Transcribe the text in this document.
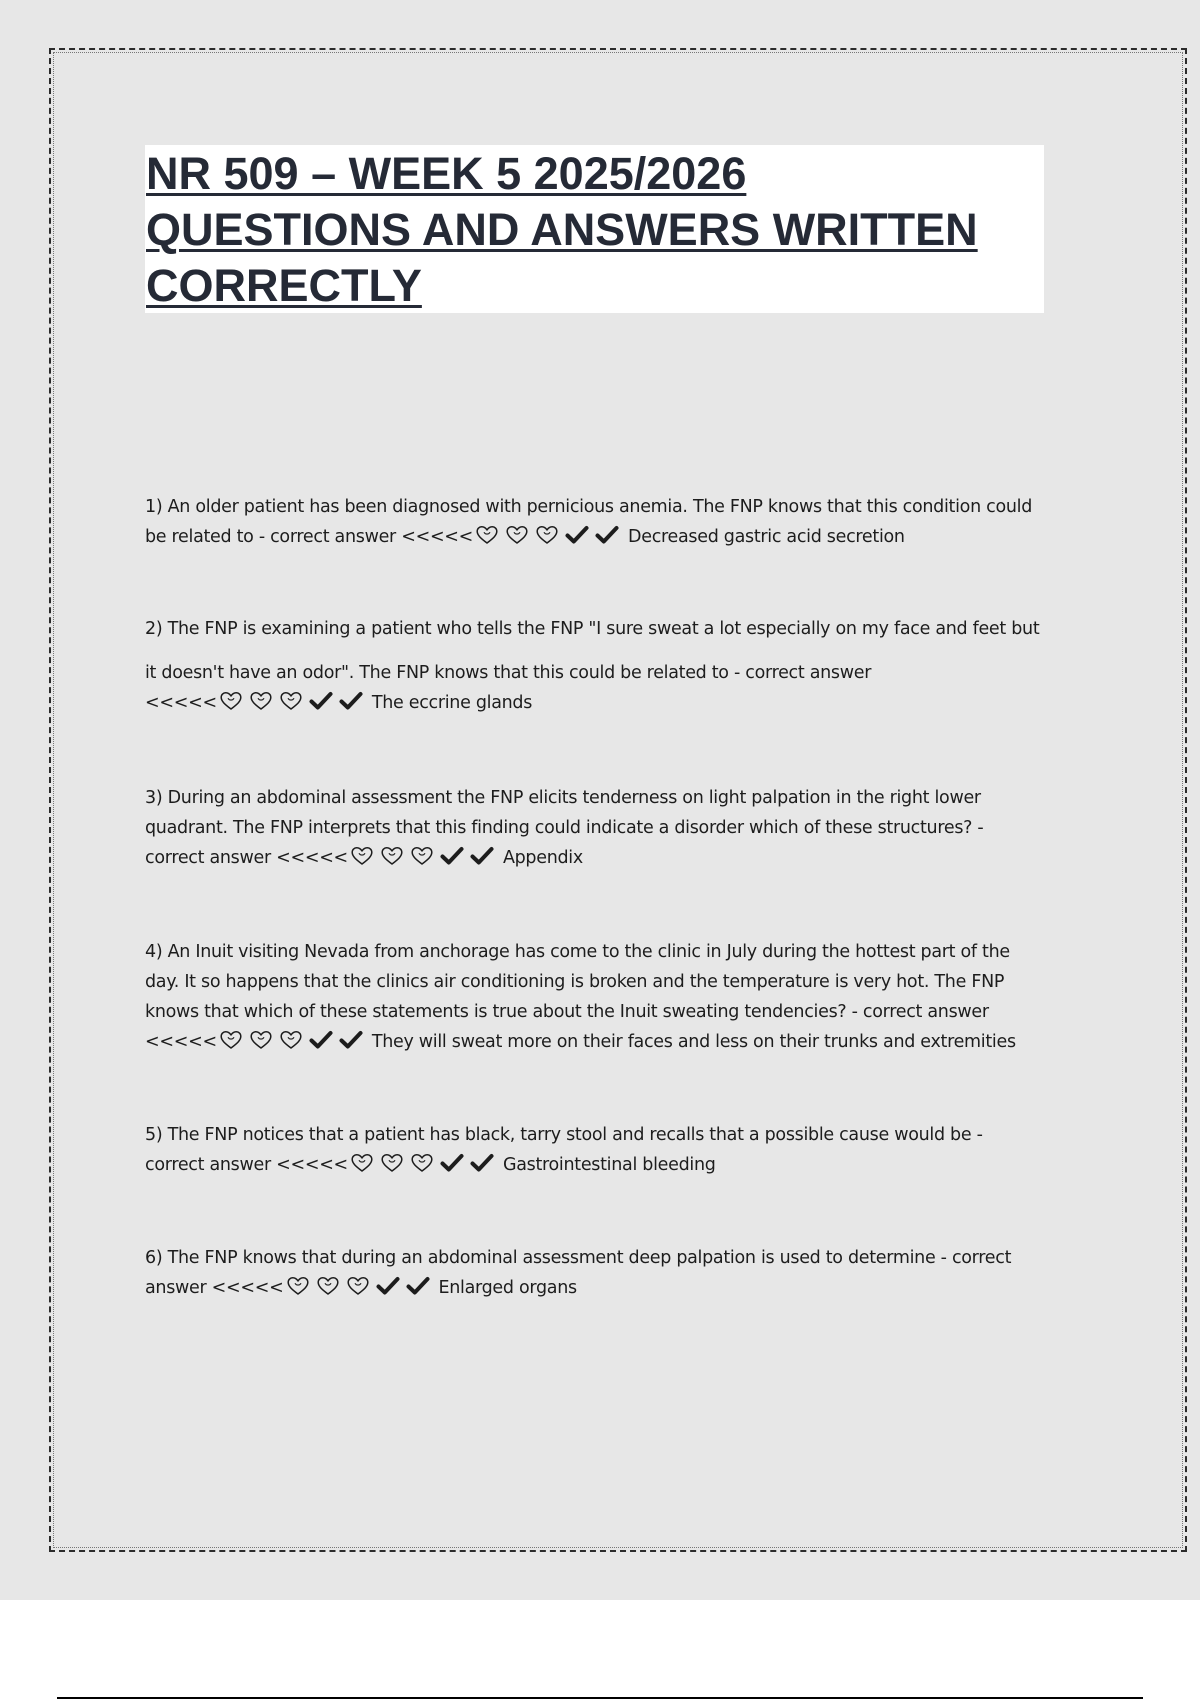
NR 509 – WEEK 5 2025/2026
QUESTIONS AND ANSWERS WRITTEN
CORRECTLY

1) An older patient has been diagnosed with pernicious anemia. The FNP knows that this condition could
be related to - correct answer <<<<<	Decreased gastric acid secretion

2) The FNP is examining a patient who tells the FNP "I sure sweat a lot especially on my face and feet but
it doesn't have an odor". The FNP knows that this could be related to - correct answer
<<<<<	The eccrine glands

3) During an abdominal assessment the FNP elicits tenderness on light palpation in the right lower
quadrant. The FNP interprets that this finding could indicate a disorder which of these structures? -
correct answer <<<<<	Appendix

4) An Inuit visiting Nevada from anchorage has come to the clinic in July during the hottest part of the
day. It so happens that the clinics air conditioning is broken and the temperature is very hot. The FNP
knows that which of these statements is true about the Inuit sweating tendencies? - correct answer
<<<<<	They will sweat more on their faces and less on their trunks and extremities

5) The FNP notices that a patient has black, tarry stool and recalls that a possible cause would be -
correct answer <<<<<	Gastrointestinal bleeding

6) The FNP knows that during an abdominal assessment deep palpation is used to determine - correct
answer <<<<<	Enlarged organs
